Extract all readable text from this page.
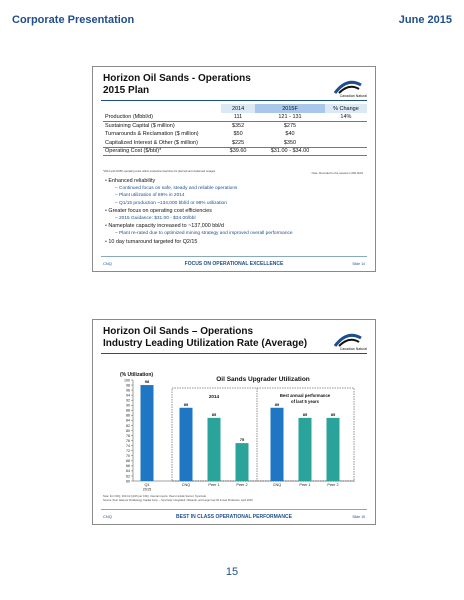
Corporate Presentation	June 2015
Horizon Oil Sands - Operations
2015 Plan	Canadian Natural
	2014	2015F	% Change
Production (Mbbl/d)	111	121 - 131	14%
Sustaining Capital ($ million)	$352	$275	
Turnarounds & Reclamation ($ million)	$50	$40	
Capitalized Interest & Other ($ million)	$225	$350	
Operating Cost ($/bbl)*	$39.60	$31.00 - $34.00	
*2014 and 2015F operating costs reflect production downtime for planned and unplanned outages	Note: Rounded to the nearest 1,000 bbl/d
• Enhanced reliability
– Continued focus on safe, steady and reliable operations
– Plant utilization of 89% in 2014
– Q1/15 production ~134,000 bbl/d or 98% utilization
• Greater focus on operating cost efficiencies
– 2015 Guidance: $31.00 - $34.00/bbl
• Nameplate capacity increased to ~137,000 bbl/d
– Plant re-rated due to optimized mining strategy and improved overall performance
• 10 day turnaround targeted for Q2/15
CNQ	FOCUS ON OPERATIONAL EXCELLENCE	Slide 14
Horizon Oil Sands – Operations
Industry Leading Utilization Rate (Average)	Canadian Natural
(% Utilization)
60
62
64
66
68
70
72
74
76
78
80
82
84
86
88
90
92
94
96
98
100	Oil Sands Upgrader Utilization
2014	Best annual performance
of last 5 years
98
Q1
2015
89
CNQ
85
Peer 1
75
Peer 2
89
CNQ
85
Peer 1
85
Peer 2
Note: For CNQ, 2014 & Q1/15 per CNQ. Internal reports. Peers include Suncor, Syncrude
Source: Peer data per FirstEnergy Capital Corp. – Syncrude: Integrated, Oilsands, and Large Cap Oil & Gas Producers, April 2015
CNQ	BEST IN CLASS OPERATIONAL PERFORMANCE	Slide 15
15
